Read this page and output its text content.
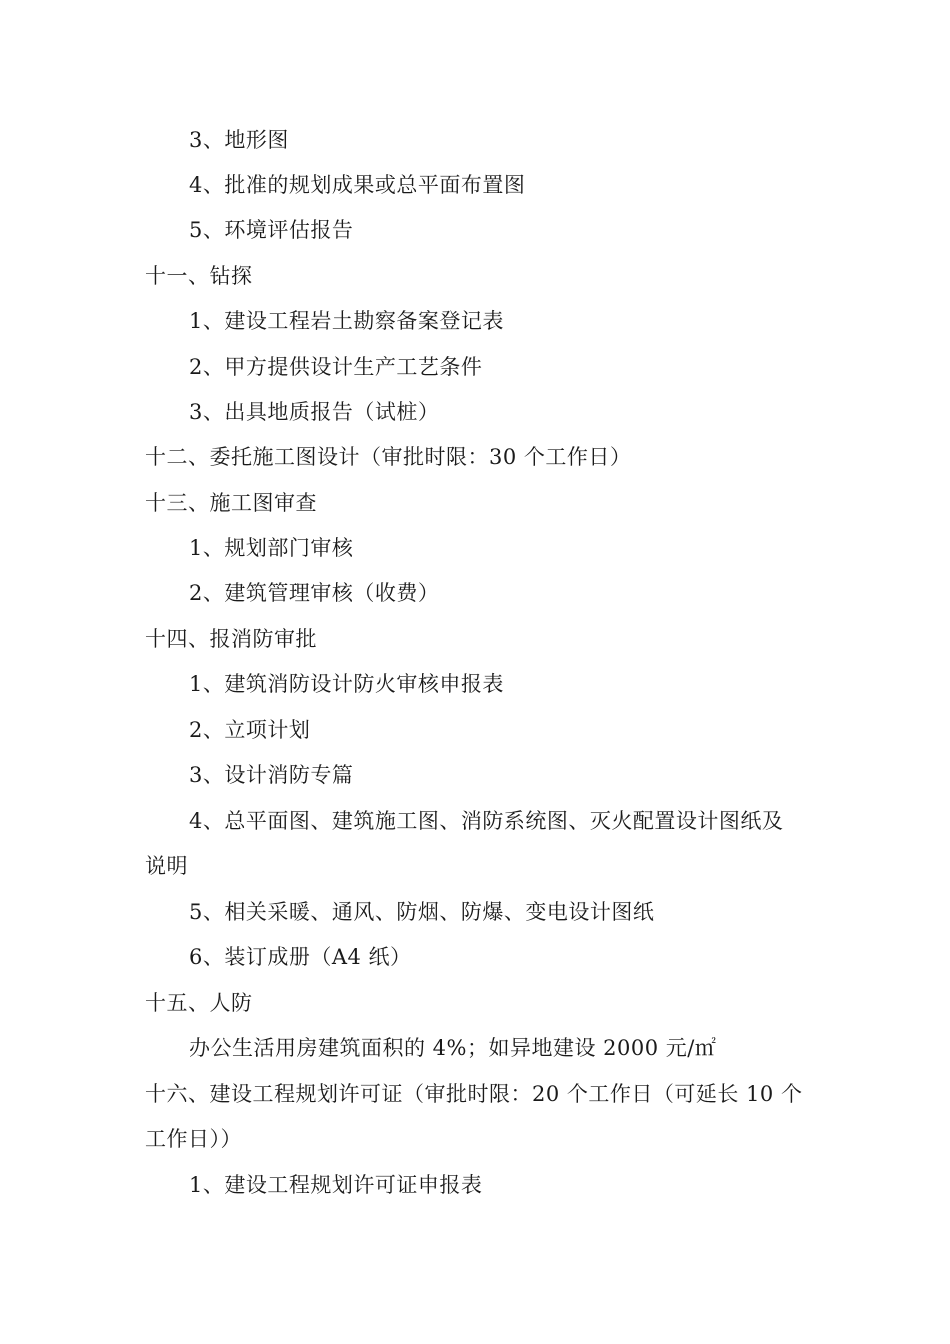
3、地形图
4、批准的规划成果或总平面布置图
5、环境评估报告
十一、钻探
1、建设工程岩土勘察备案登记表
2、甲方提供设计生产工艺条件
3、出具地质报告（试桩）
十二、委托施工图设计（审批时限：30 个工作日）
十三、施工图审查
1、规划部门审核
2、建筑管理审核（收费）
十四、报消防审批
1、建筑消防设计防火审核申报表
2、立项计划
3、设计消防专篇
4、总平面图、建筑施工图、消防系统图、灭火配置设计图纸及
说明
5、相关采暖、通风、防烟、防爆、变电设计图纸
6、装订成册（A4 纸）
十五、人防
办公生活用房建筑面积的 4%；如异地建设 2000 元/㎡
十六、建设工程规划许可证（审批时限：20 个工作日（可延长 10 个
工作日））
1、建设工程规划许可证申报表
